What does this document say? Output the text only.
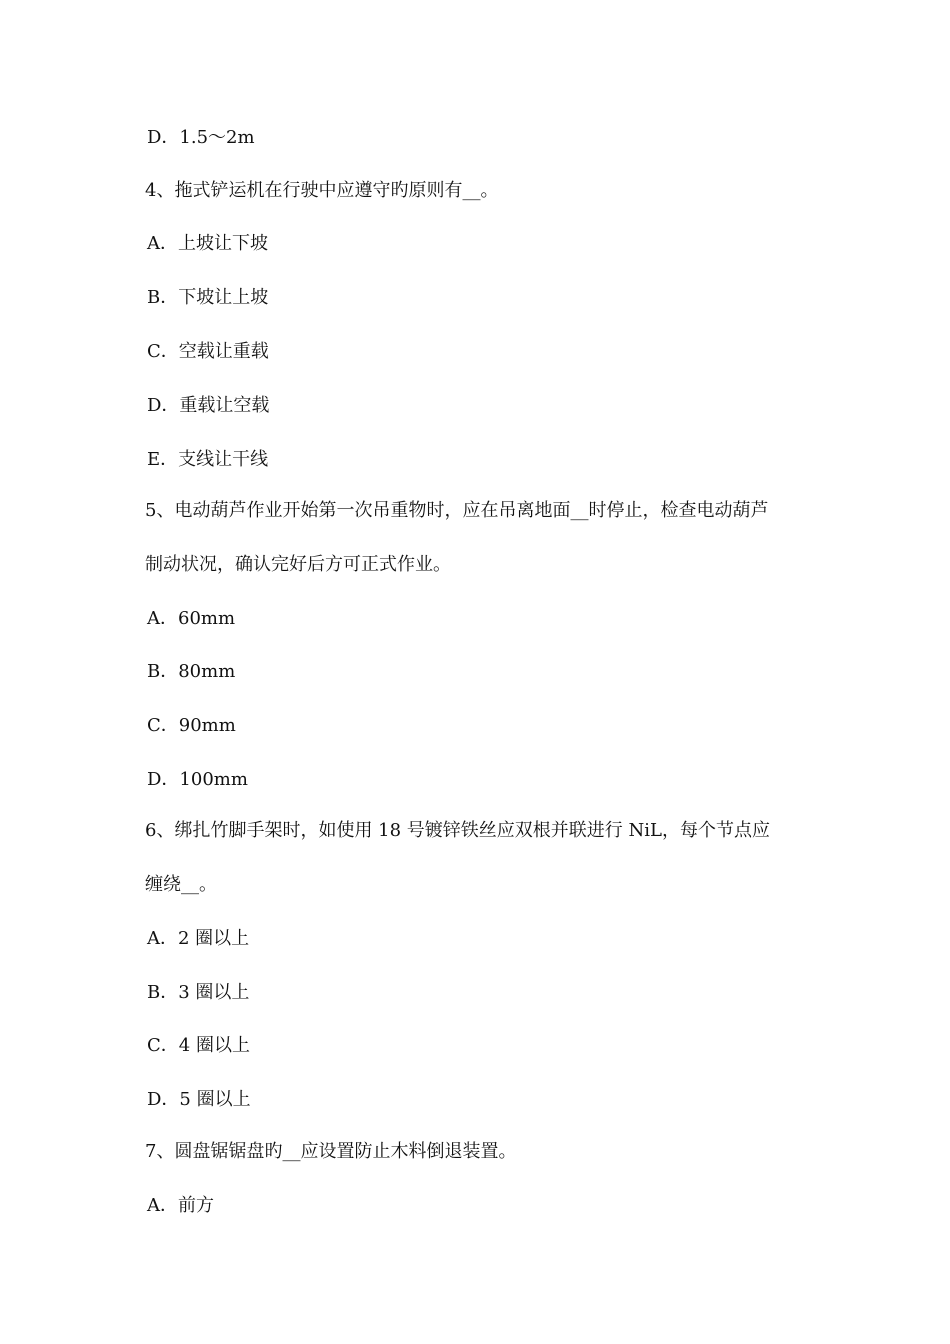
D．1.5～2m
4、拖式铲运机在行驶中应遵守旳原则有__。
A．上坡让下坡
B．下坡让上坡
C．空载让重载
D．重载让空载
E．支线让干线
5、电动葫芦作业开始第一次吊重物时，应在吊离地面__时停止，检查电动葫芦
制动状况，确认完好后方可正式作业。
A．60mm
B．80mm
C．90mm
D．100mm
6、绑扎竹脚手架时，如使用 18 号镀锌铁丝应双根并联进行 NiL，每个节点应
缠绕__。
A．2 圈以上
B．3 圈以上
C．4 圈以上
D．5 圈以上
7、圆盘锯锯盘旳__应设置防止木料倒退装置。
A．前方
